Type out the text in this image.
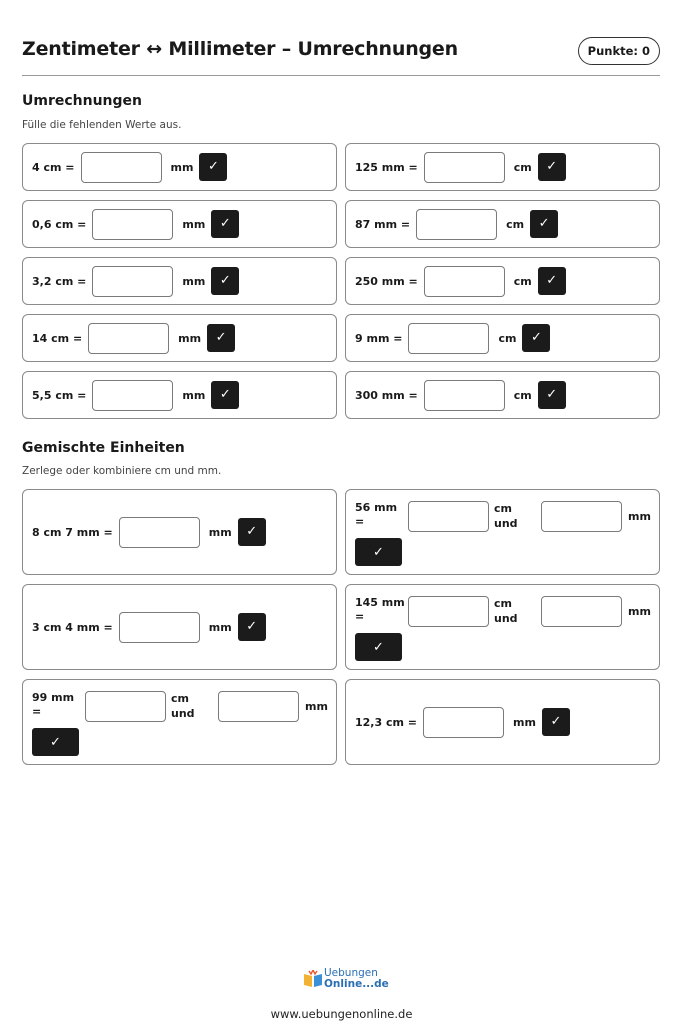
Zentimeter ↔ Millimeter – Umrechnungen	Punkte: 0
Umrechnungen
Fülle die fehlenden Werte aus.
4 cm =	mm	✓	125 mm =	cm	✓
0,6 cm =	mm	✓	87 mm =	cm	✓
3,2 cm =	mm	✓	250 mm =	cm	✓
14 cm =	mm	✓	9 mm =	cm	✓
5,5 cm =	mm	✓	300 mm =	cm	✓
Gemischte Einheiten
Zerlege oder kombiniere cm und mm.
8 cm 7 mm =	mm	✓
56 mm
=
cm
und
mm
✓
3 cm 4 mm =	mm	✓
145 mm
=
cm
und
mm
✓
99 mm
=
cm
und
mm
✓
12,3 cm =	mm	✓
Uebungen
Online...de
www.uebungenonline.de
